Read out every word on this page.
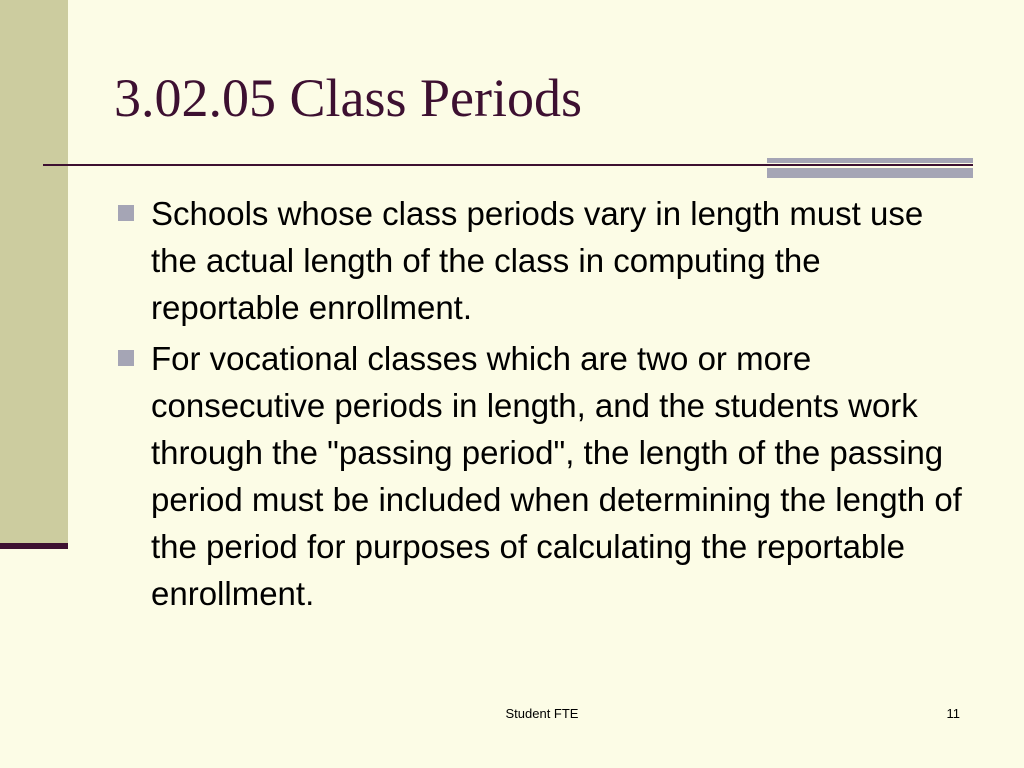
3.02.05 Class Periods
Schools whose class periods vary in length must use the actual length of the class in computing the reportable enrollment.
For vocational classes which are two or more consecutive periods in length, and the students work through the "passing period", the length of the passing period must be included when determining the length of the period for purposes of calculating the reportable enrollment.
Student FTE	11
